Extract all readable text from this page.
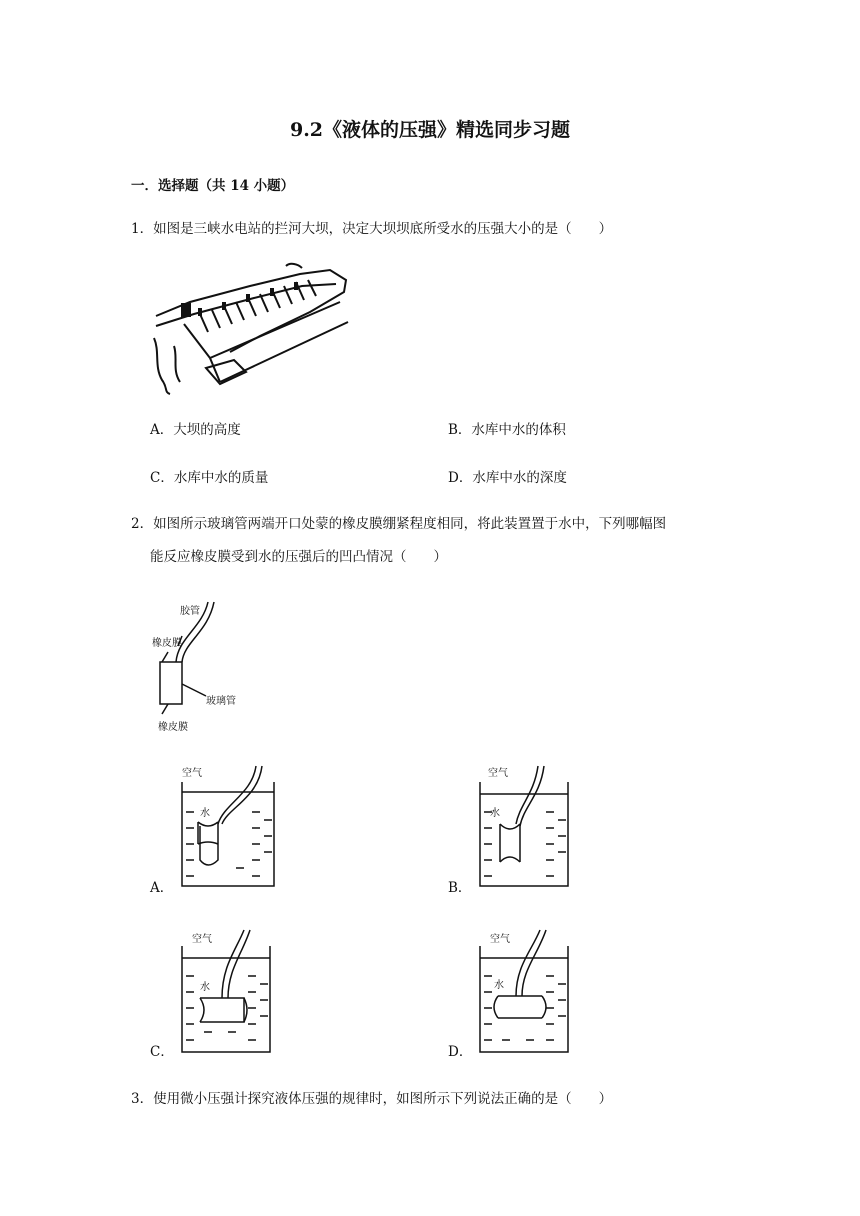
9.2《液体的压强》精选同步习题
一．选择题（共 14 小题）
1．如图是三峡水电站的拦河大坝，决定大坝坝底所受水的压强大小的是（　　）
A．大坝的高度	B．水库中水的体积
C．水库中水的质量	D．水库中水的深度
2．如图所示玻璃管两端开口处蒙的橡皮膜绷紧程度相同，将此装置置于水中，下列哪幅图
能反应橡皮膜受到水的压强后的凹凸情况（　　）
胶管
橡皮膜
玻璃管
橡皮膜
空气
水
A．
空气
水
B．
空气
水
C．
空气
水
D．
3．使用微小压强计探究液体压强的规律时，如图所示下列说法正确的是（　　）
